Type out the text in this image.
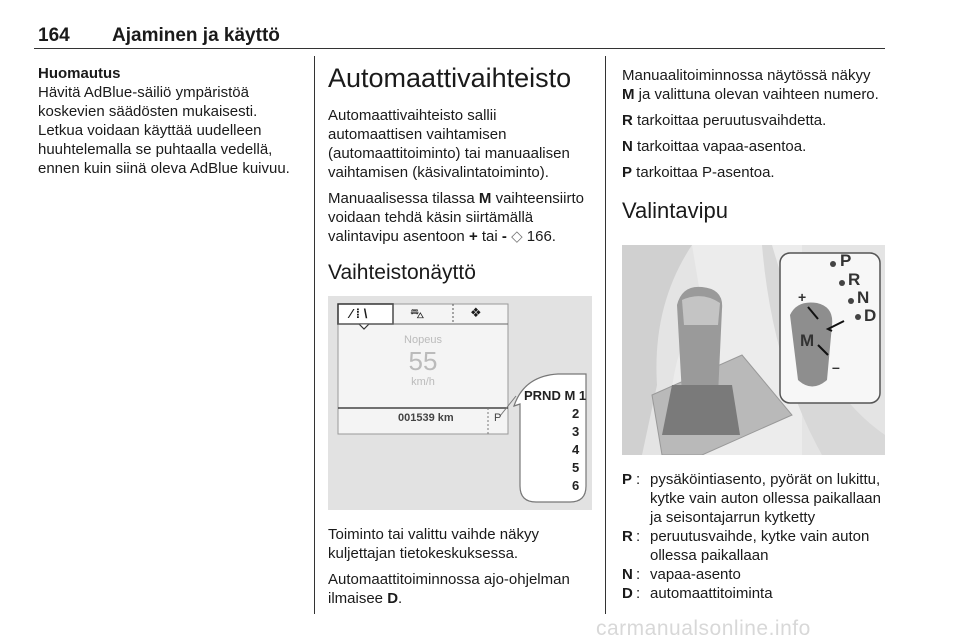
164 Ajaminen ja käyttö
Huomautus
Hävitä AdBlue-säiliö ympäristöä koskevien säädösten mukaisesti. Letkua voidaan käyttää uudelleen huuhtelemalla se puhtaalla vedellä, ennen kuin siinä oleva AdBlue kuivuu.
Automaattivaihteisto

Automaattivaihteisto sallii automaattisen vaihtamisen (automaattitoiminto) tai manuaalisen vaihtamisen (käsivalintatoiminto).

Manuaalisessa tilassa M vaihteensiirto voidaan tehdä käsin siirtämällä valintavipu asentoon + tai - ◇ 166.

Vaihteistonäyttö
⁄ ⁞ \	⛍	❖
Nopeus
55
km/h
001539 km	P
PRND M 1
2
3
4
5
6

Toiminto tai valittu vaihde näkyy kuljettajan tietokeskuksessa.

Automaattitoiminnossa ajo-ohjelman ilmaisee D.

Manuaalitoiminnossa näytössä näkyy M ja valittuna olevan vaihteen numero.

R tarkoittaa peruutusvaihdetta.

N tarkoittaa vapaa-asentoa.

P tarkoittaa P-asentoa.

Valintavipu
P
R
N
D
M
+
–
P : pysäköintiasento, pyörät on lukittu, kytke vain auton ollessa paikallaan ja seisontajarrun kytketty
R : peruutusvaihde, kytke vain auton ollessa paikallaan
N : vapaa-asento
D : automaattitoiminta
carmanualsonline.info
